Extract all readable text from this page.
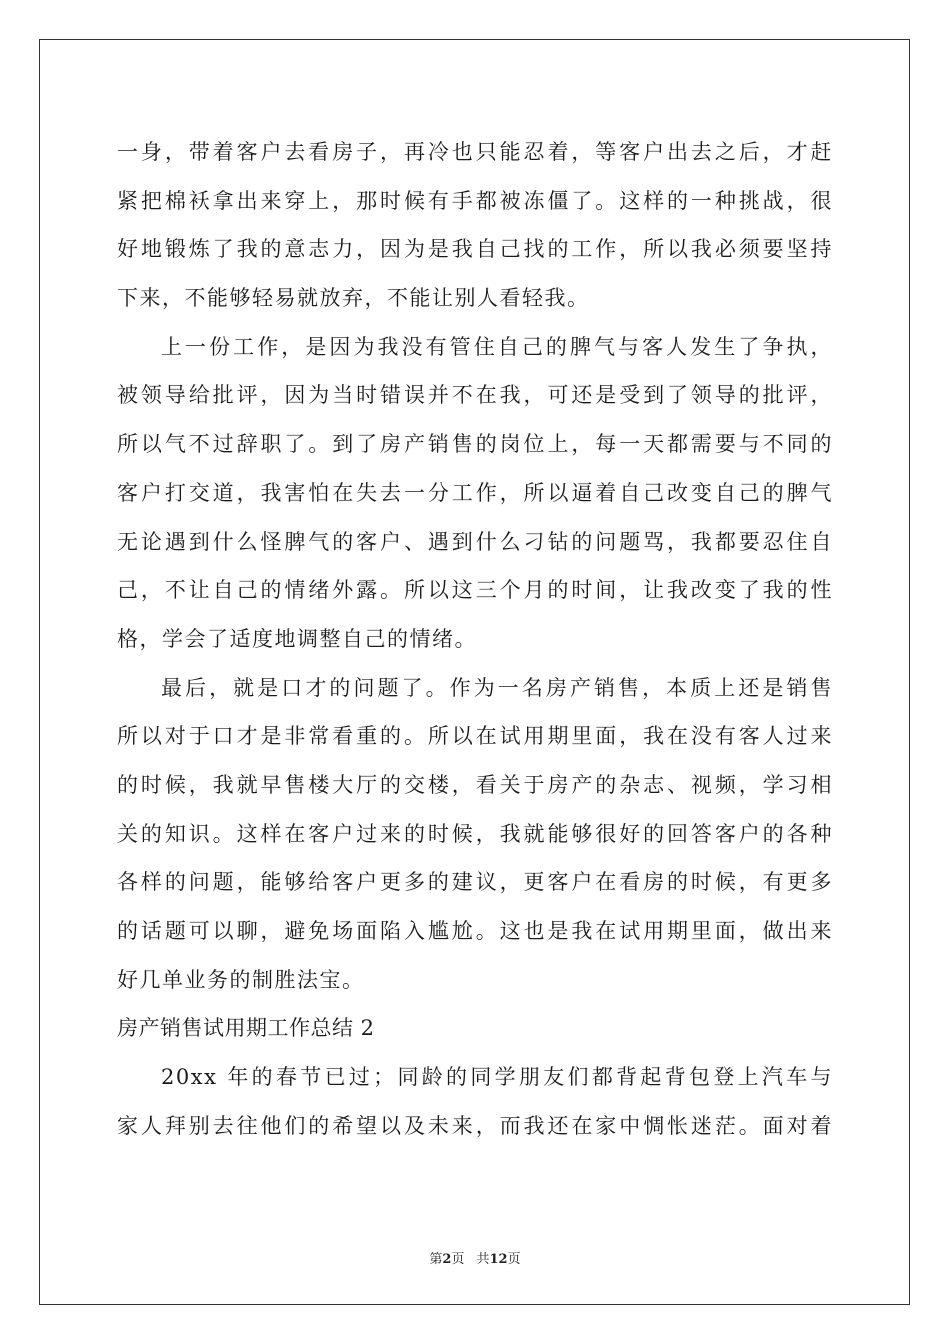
一身，带着客户去看房子，再冷也只能忍着，等客户出去之后，才赶
紧把棉袄拿出来穿上，那时候有手都被冻僵了。这样的一种挑战，很
好地锻炼了我的意志力，因为是我自己找的工作，所以我必须要坚持
下来，不能够轻易就放弃，不能让别人看轻我。
上一份工作，是因为我没有管住自己的脾气与客人发生了争执，
被领导给批评，因为当时错误并不在我，可还是受到了领导的批评，
所以气不过辞职了。到了房产销售的岗位上，每一天都需要与不同的
客户打交道，我害怕在失去一分工作，所以逼着自己改变自己的脾气
无论遇到什么怪脾气的客户、遇到什么刁钻的问题骂，我都要忍住自
己，不让自己的情绪外露。所以这三个月的时间，让我改变了我的性
格，学会了适度地调整自己的情绪。
最后，就是口才的问题了。作为一名房产销售，本质上还是销售
所以对于口才是非常看重的。所以在试用期里面，我在没有客人过来
的时候，我就早售楼大厅的交楼，看关于房产的杂志、视频，学习相
关的知识。这样在客户过来的时候，我就能够很好的回答客户的各种
各样的问题，能够给客户更多的建议，更客户在看房的时候，有更多
的话题可以聊，避免场面陷入尴尬。这也是我在试用期里面，做出来
好几单业务的制胜法宝。
房产销售试用期工作总结 2
20xx 年的春节已过；同龄的同学朋友们都背起背包登上汽车与
家人拜别去往他们的希望以及未来，而我还在家中惆怅迷茫。面对着
第2页 共12页
